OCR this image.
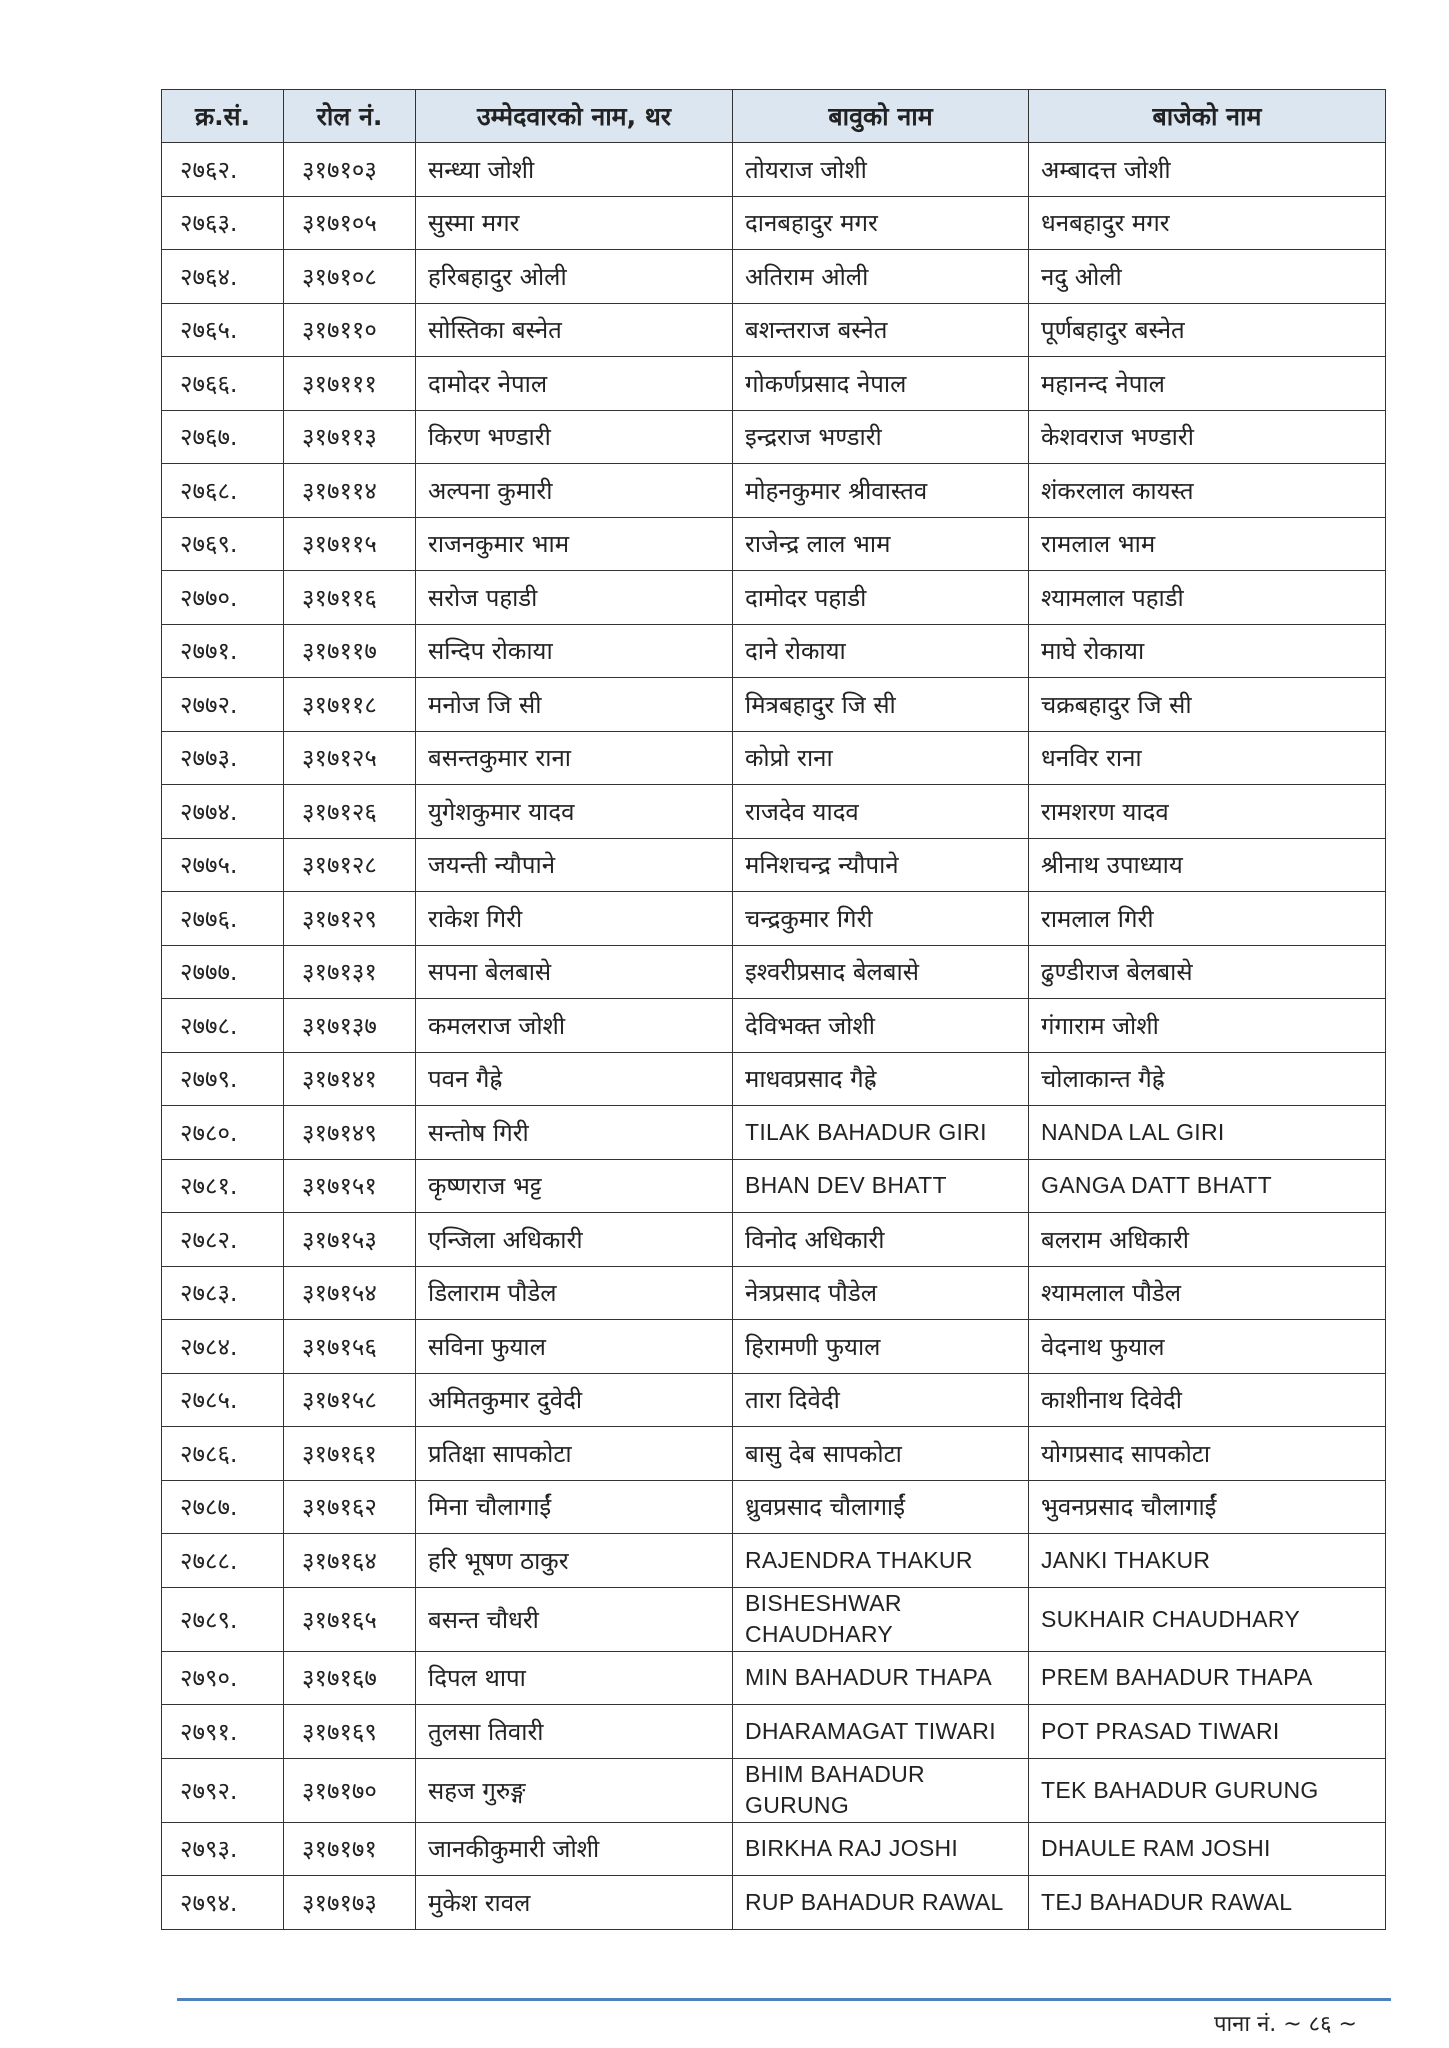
क्र.सं.	रोल नं.	उम्मेदवारको नाम, थर	बावुको नाम	बाजेको नाम
२७६२.	३१७१०३	सन्ध्या जोशी	तोयराज जोशी	अम्बादत्त जोशी
२७६३.	३१७१०५	सुस्मा मगर	दानबहादुर मगर	धनबहादुर मगर
२७६४.	३१७१०८	हरिबहादुर ओली	अतिराम ओली	नदु ओली
२७६५.	३१७११०	सोस्तिका बस्नेत	बशन्तराज बस्नेत	पूर्णबहादुर बस्नेत
२७६६.	३१७१११	दामोदर नेपाल	गोकर्णप्रसाद नेपाल	महानन्द नेपाल
२७६७.	३१७११३	किरण भण्डारी	इन्द्रराज भण्डारी	केशवराज भण्डारी
२७६८.	३१७११४	अल्पना कुमारी	मोहनकुमार श्रीवास्तव	शंकरलाल कायस्त
२७६९.	३१७११५	राजनकुमार भाम	राजेन्द्र लाल भाम	रामलाल भाम
२७७०.	३१७११६	सरोज पहाडी	दामोदर पहाडी	श्यामलाल पहाडी
२७७१.	३१७११७	सन्दिप रोकाया	दाने रोकाया	माघे रोकाया
२७७२.	३१७११८	मनोज जि सी	मित्रबहादुर जि सी	चक्रबहादुर जि सी
२७७३.	३१७१२५	बसन्तकुमार राना	कोप्रो राना	धनविर राना
२७७४.	३१७१२६	युगेशकुमार यादव	राजदेव यादव	रामशरण यादव
२७७५.	३१७१२८	जयन्ती न्यौपाने	मनिशचन्द्र न्यौपाने	श्रीनाथ उपाध्याय
२७७६.	३१७१२९	राकेश गिरी	चन्द्रकुमार गिरी	रामलाल गिरी
२७७७.	३१७१३१	सपना बेलबासे	इश्वरीप्रसाद बेलबासे	ढुण्डीराज बेलबासे
२७७८.	३१७१३७	कमलराज जोशी	देविभक्त जोशी	गंगाराम जोशी
२७७९.	३१७१४१	पवन गैह्रे	माधवप्रसाद गैह्रे	चोलाकान्त गैह्रे
२७८०.	३१७१४९	सन्तोष गिरी	TILAK BAHADUR GIRI	NANDA LAL GIRI
२७८१.	३१७१५१	कृष्णराज भट्ट	BHAN DEV BHATT	GANGA DATT BHATT
२७८२.	३१७१५३	एन्जिला अधिकारी	विनोद अधिकारी	बलराम अधिकारी
२७८३.	३१७१५४	डिलाराम पौडेल	नेत्रप्रसाद पौडेल	श्यामलाल पौडेल
२७८४.	३१७१५६	सविना फुयाल	हिरामणी फुयाल	वेदनाथ फुयाल
२७८५.	३१७१५८	अमितकुमार दुवेदी	तारा दिवेदी	काशीनाथ दिवेदी
२७८६.	३१७१६१	प्रतिक्षा सापकोटा	बासु देब सापकोटा	योगप्रसाद सापकोटा
२७८७.	३१७१६२	मिना चौलागाईं	ध्रुवप्रसाद चौलागाईं	भुवनप्रसाद चौलागाईं
२७८८.	३१७१६४	हरि भूषण ठाकुर	RAJENDRA THAKUR	JANKI THAKUR
२७८९.	३१७१६५	बसन्त चौधरी	BISHESHWAR CHAUDHARY	SUKHAIR CHAUDHARY
२७९०.	३१७१६७	दिपल थापा	MIN BAHADUR THAPA	PREM BAHADUR THAPA
२७९१.	३१७१६९	तुलसा तिवारी	DHARAMAGAT TIWARI	POT PRASAD TIWARI
२७९२.	३१७१७०	सहज गुरुङ्ग	BHIM BAHADUR GURUNG	TEK BAHADUR GURUNG
२७९३.	३१७१७१	जानकीकुमारी जोशी	BIRKHA RAJ JOSHI	DHAULE RAM JOSHI
२७९४.	३१७१७३	मुकेश रावल	RUP BAHADUR RAWAL	TEJ BAHADUR RAWAL
पाना नं. ~ ८६ ~
